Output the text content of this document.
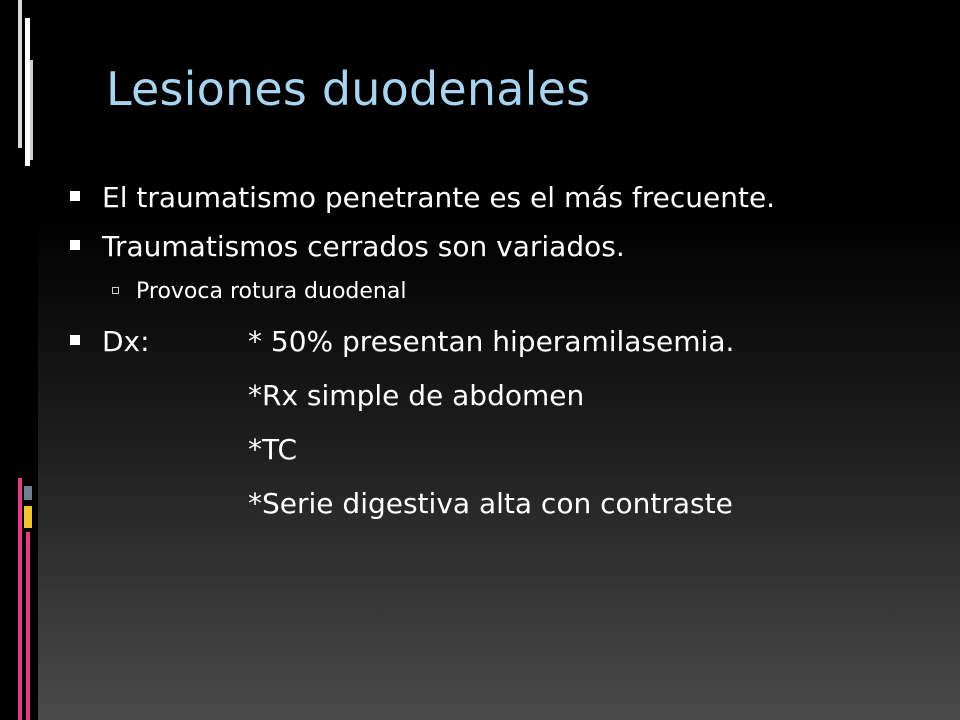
Lesiones duodenales
El traumatismo penetrante es el más frecuente.
Traumatismos cerrados son variados.
Provoca rotura duodenal
Dx:	* 50% presentan hiperamilasemia.
*Rx simple de abdomen
*TC
*Serie digestiva alta con contraste
